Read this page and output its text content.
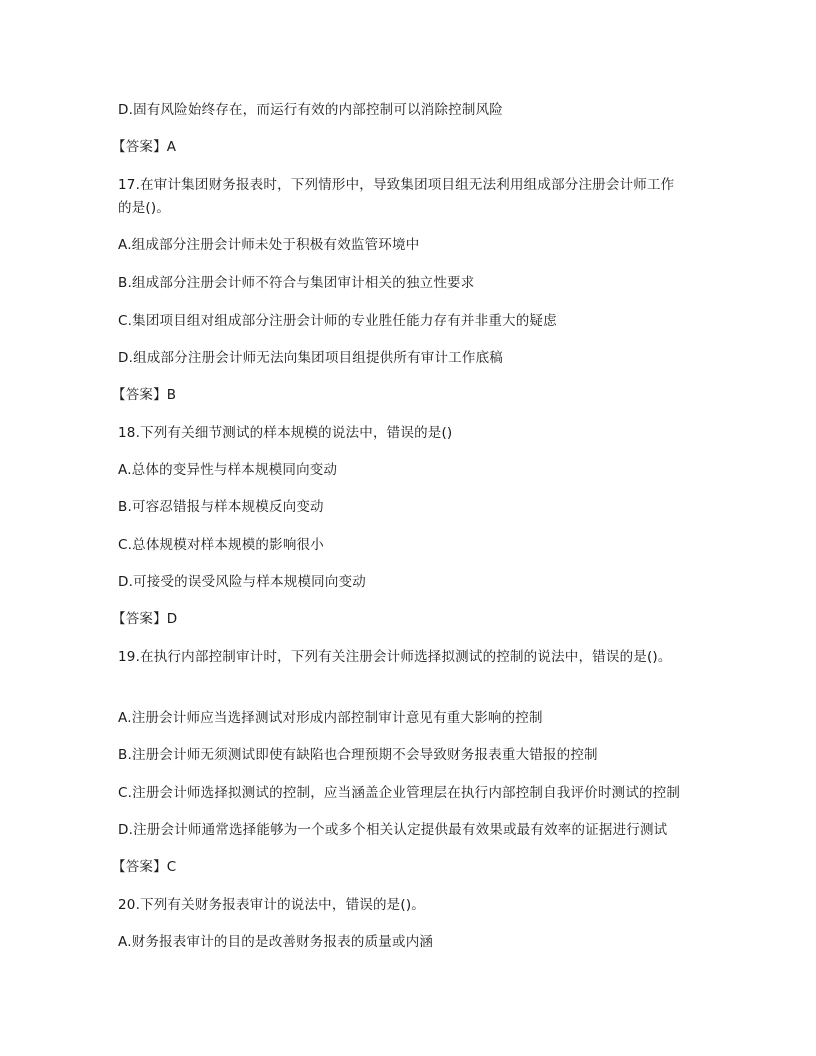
D.固有风险始终存在，而运行有效的内部控制可以消除控制风险
【答案】A
17.在审计集团财务报表时，下列情形中，导致集团项目组无法利用组成部分注册会计师工作
的是()。
A.组成部分注册会计师未处于积极有效监管环境中
B.组成部分注册会计师不符合与集团审计相关的独立性要求
C.集团项目组对组成部分注册会计师的专业胜任能力存有并非重大的疑虑
D.组成部分注册会计师无法向集团项目组提供所有审计工作底稿
【答案】B
18.下列有关细节测试的样本规模的说法中，错误的是()
A.总体的变异性与样本规模同向变动
B.可容忍错报与样本规模反向变动
C.总体规模对样本规模的影响很小
D.可接受的误受风险与样本规模同向变动
【答案】D
19.在执行内部控制审计时，下列有关注册会计师选择拟测试的控制的说法中，错误的是()。
A.注册会计师应当选择测试对形成内部控制审计意见有重大影响的控制
B.注册会计师无须测试即使有缺陷也合理预期不会导致财务报表重大错报的控制
C.注册会计师选择拟测试的控制，应当涵盖企业管理层在执行内部控制自我评价时测试的控制
D.注册会计师通常选择能够为一个或多个相关认定提供最有效果或最有效率的证据进行测试
【答案】C
20.下列有关财务报表审计的说法中，错误的是()。
A.财务报表审计的目的是改善财务报表的质量或内涵
